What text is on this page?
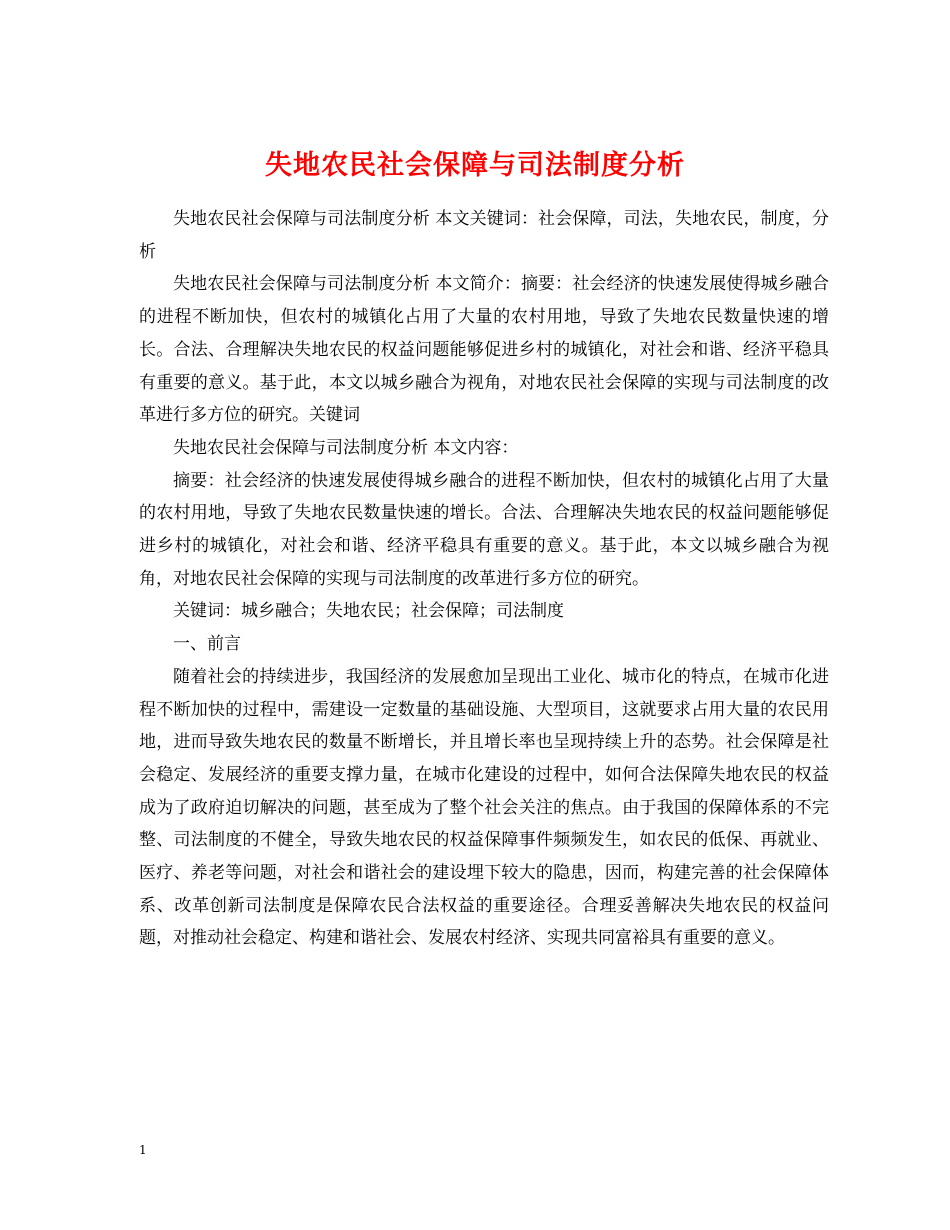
失地农民社会保障与司法制度分析

失地农民社会保障与司法制度分析 本文关键词：社会保障，司法，失地农民，制度，分析

失地农民社会保障与司法制度分析 本文简介：摘要：社会经济的快速发展使得城乡融合的进程不断加快，但农村的城镇化占用了大量的农村用地，导致了失地农民数量快速的增长。合法、合理解决失地农民的权益问题能够促进乡村的城镇化，对社会和谐、经济平稳具有重要的意义。基于此，本文以城乡融合为视角，对地农民社会保障的实现与司法制度的改革进行多方位的研究。关键词

失地农民社会保障与司法制度分析 本文内容：

摘要：社会经济的快速发展使得城乡融合的进程不断加快，但农村的城镇化占用了大量的农村用地，导致了失地农民数量快速的增长。合法、合理解决失地农民的权益问题能够促进乡村的城镇化，对社会和谐、经济平稳具有重要的意义。基于此，本文以城乡融合为视角，对地农民社会保障的实现与司法制度的改革进行多方位的研究。

关键词：城乡融合；失地农民；社会保障；司法制度

一、前言

随着社会的持续进步，我国经济的发展愈加呈现出工业化、城市化的特点，在城市化进程不断加快的过程中，需建设一定数量的基础设施、大型项目，这就要求占用大量的农民用地，进而导致失地农民的数量不断增长，并且增长率也呈现持续上升的态势。社会保障是社会稳定、发展经济的重要支撑力量，在城市化建设的过程中，如何合法保障失地农民的权益成为了政府迫切解决的问题，甚至成为了整个社会关注的焦点。由于我国的保障体系的不完整、司法制度的不健全，导致失地农民的权益保障事件频频发生，如农民的低保、再就业、医疗、养老等问题，对社会和谐社会的建设埋下较大的隐患，因而，构建完善的社会保障体系、改革创新司法制度是保障农民合法权益的重要途径。合理妥善解决失地农民的权益问题，对推动社会稳定、构建和谐社会、发展农村经济、实现共同富裕具有重要的意义。

1
